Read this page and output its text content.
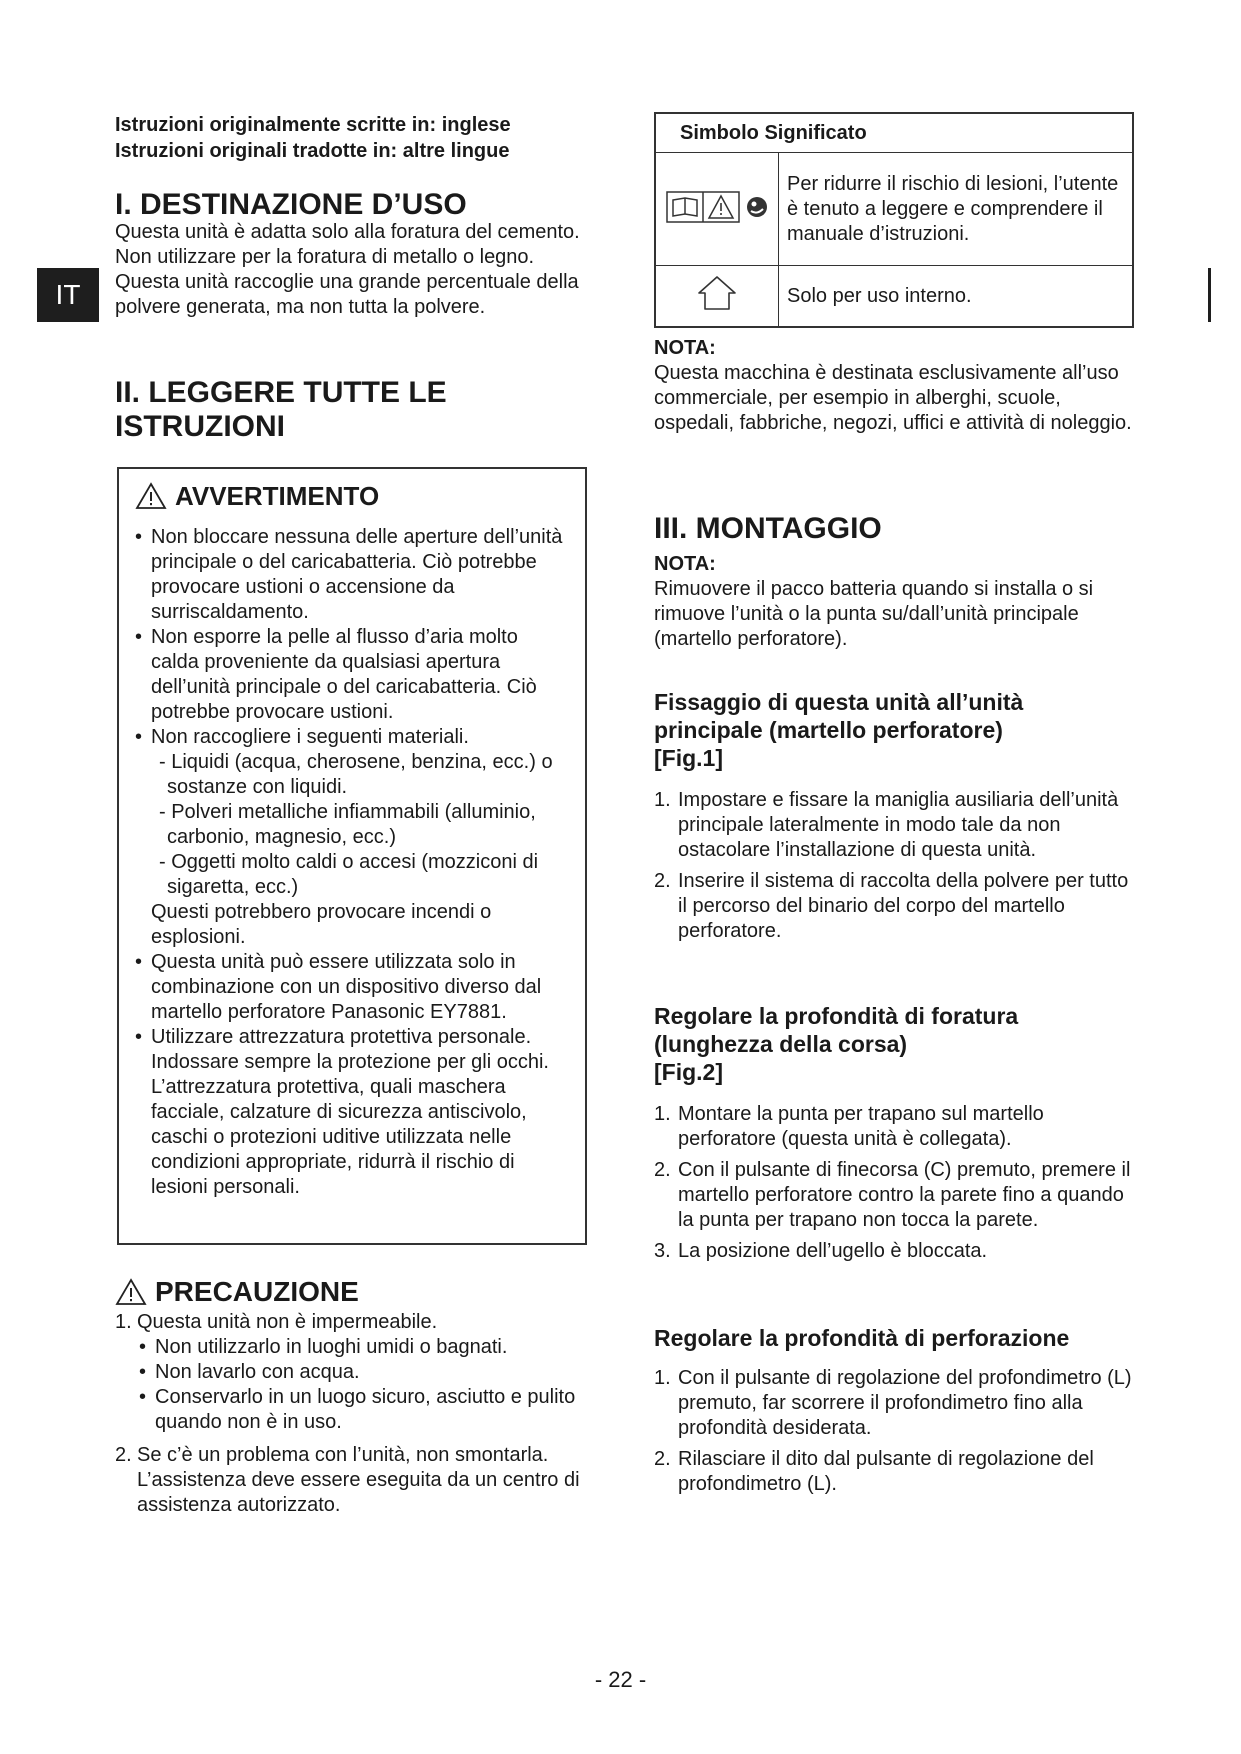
IT
Istruzioni originalmente scritte in: inglese
Istruzioni originali tradotte in: altre lingue
I. DESTINAZIONE D’USO
Questa unità è adatta solo alla foratura del cemento. Non utilizzare per la foratura di metallo o legno. Questa unità raccoglie una grande percentuale della polvere generata, ma non tutta la polvere.
II. LEGGERE TUTTE LE
ISTRUZIONI
AVVERTIMENTO
• Non bloccare nessuna delle aperture dell’unità principale o del caricabatteria. Ciò potrebbe provocare ustioni o accensione da surriscaldamento.
• Non esporre la pelle al flusso d’aria molto calda proveniente da qualsiasi apertura dell’unità principale o del caricabatteria. Ciò potrebbe provocare ustioni.
• Non raccogliere i seguenti materiali.
- Liquidi (acqua, cherosene, benzina, ecc.) o sostanze con liquidi.
- Polveri metalliche infiammabili (alluminio, carbonio, magnesio, ecc.)
- Oggetti molto caldi o accesi (mozziconi di sigaretta, ecc.)
Questi potrebbero provocare incendi o esplosioni.
• Questa unità può essere utilizzata solo in combinazione con un dispositivo diverso dal martello perforatore Panasonic EY7881.
• Utilizzare attrezzatura protettiva personale. Indossare sempre la protezione per gli occhi. L’attrezzatura protettiva, quali maschera facciale, calzature di sicurezza antiscivolo, caschi o protezioni uditive utilizzata nelle condizioni appropriate, ridurrà il rischio di lesioni personali.
PRECAUZIONE
1. Questa unità non è impermeabile.
• Non utilizzarlo in luoghi umidi o bagnati.
• Non lavarlo con acqua.
• Conservarlo in un luogo sicuro, asciutto e pulito quando non è in uso.
2. Se c’è un problema con l’unità, non smontarla. L’assistenza deve essere eseguita da un centro di assistenza autorizzato.
Simbolo Significato	
	Per ridurre il rischio di lesioni, l’utente è tenuto a leggere e comprendere il manuale d’istruzioni.
	Solo per uso interno.
NOTA:
Questa macchina è destinata esclusivamente all’uso commerciale, per esempio in alberghi, scuole, ospedali, fabbriche, negozi, uffici e attività di noleggio.
III. MONTAGGIO
NOTA:
Rimuovere il pacco batteria quando si installa o si rimuove l’unità o la punta su/dall’unità principale (martello perforatore).
Fissaggio di questa unità all’unità
principale (martello perforatore)
[Fig.1]
1. Impostare e fissare la maniglia ausiliaria dell’unità principale lateralmente in modo tale da non ostacolare l’installazione di questa unità.
2. Inserire il sistema di raccolta della polvere per tutto il percorso del binario del corpo del martello perforatore.
Regolare la profondità di foratura
(lunghezza della corsa)
[Fig.2]
1. Montare la punta per trapano sul martello perforatore (questa unità è collegata).
2. Con il pulsante di finecorsa (C) premuto, premere il martello perforatore contro la parete fino a quando la punta per trapano non tocca la parete.
3. La posizione dell’ugello è bloccata.
Regolare la profondità di perforazione
1. Con il pulsante di regolazione del profondimetro (L) premuto, far scorrere il profondimetro fino alla profondità desiderata.
2. Rilasciare il dito dal pulsante di regolazione del profondimetro (L).
- 22 -
